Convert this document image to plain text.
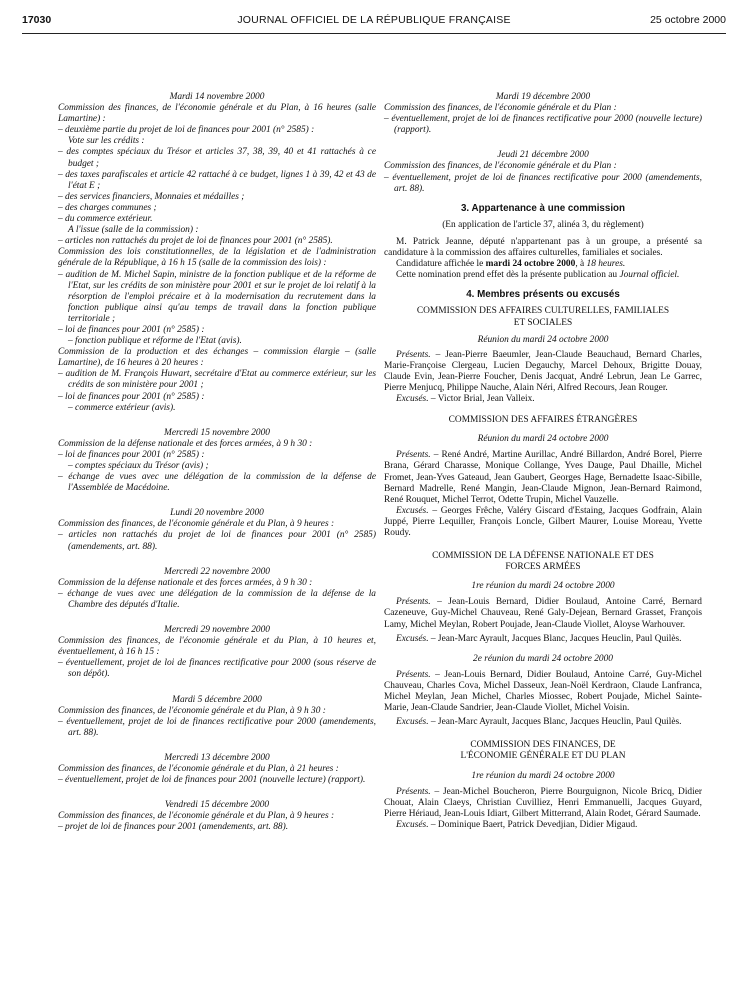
17030	JOURNAL OFFICIEL DE LA RÉPUBLIQUE FRANÇAISE	25 octobre 2000

Mardi 14 novembre 2000

Commission des finances, de l'économie générale et du Plan, à 16 heures (salle Lamartine) :

– deuxième partie du projet de loi de finances pour 2001 (n° 2585) :

Vote sur les crédits :

– des comptes spéciaux du Trésor et articles 37, 38, 39, 40 et 41 rattachés à ce budget ;

– des taxes parafiscales et article 42 rattaché à ce budget, lignes 1 à 39, 42 et 43 de l'état E ;

– des services financiers, Monnaies et médailles ;

– des charges communes ;

– du commerce extérieur.

A l'issue (salle de la commission) :

– articles non rattachés du projet de loi de finances pour 2001 (n° 2585).

Commission des lois constitutionnelles, de la législation et de l'administration générale de la République, à 16 h 15 (salle de la commission des lois) :

– audition de M. Michel Sapin, ministre de la fonction publique et de la réforme de l'Etat, sur les crédits de son ministère pour 2001 et sur le projet de loi relatif à la résorption de l'emploi précaire et à la modernisation du recrutement dans la fonction publique ainsi qu'au temps de travail dans la fonction publique territoriale ;

– loi de finances pour 2001 (n° 2585) :

– fonction publique et réforme de l'Etat (avis).

Commission de la production et des échanges – commission élargie – (salle Lamartine), de 16 heures à 20 heures :

– audition de M. François Huwart, secrétaire d'Etat au commerce extérieur, sur les crédits de son ministère pour 2001 ;

– loi de finances pour 2001 (n° 2585) :

– commerce extérieur (avis).

Mercredi 15 novembre 2000

Commission de la défense nationale et des forces armées, à 9 h 30 :

– loi de finances pour 2001 (n° 2585) :

– comptes spéciaux du Trésor (avis) ;

– échange de vues avec une délégation de la commission de la défense de l'Assemblée de Macédoine.

Lundi 20 novembre 2000

Commission des finances, de l'économie générale et du Plan, à 9 heures :

– articles non rattachés du projet de loi de finances pour 2001 (n° 2585) (amendements, art. 88).

Mercredi 22 novembre 2000

Commission de la défense nationale et des forces armées, à 9 h 30 :

– échange de vues avec une délégation de la commission de la défense de la Chambre des députés d'Italie.

Mercredi 29 novembre 2000

Commission des finances, de l'économie générale et du Plan, à 10 heures et, éventuellement, à 16 h 15 :

– éventuellement, projet de loi de finances rectificative pour 2000 (sous réserve de son dépôt).

Mardi 5 décembre 2000

Commission des finances, de l'économie générale et du Plan, à 9 h 30 :

– éventuellement, projet de loi de finances rectificative pour 2000 (amendements, art. 88).

Mercredi 13 décembre 2000

Commission des finances, de l'économie générale et du Plan, à 21 heures :

– éventuellement, projet de loi de finances pour 2001 (nouvelle lecture) (rapport).

Vendredi 15 décembre 2000

Commission des finances, de l'économie générale et du Plan, à 9 heures :

– projet de loi de finances pour 2001 (amendements, art. 88).

Mardi 19 décembre 2000

Commission des finances, de l'économie générale et du Plan :

– éventuellement, projet de loi de finances rectificative pour 2000 (nouvelle lecture) (rapport).

Jeudi 21 décembre 2000

Commission des finances, de l'économie générale et du Plan :

– éventuellement, projet de loi de finances rectificative pour 2000 (amendements, art. 88).

3. Appartenance à une commission

(En application de l'article 37, alinéa 3, du règlement)

M. Patrick Jeanne, député n'appartenant pas à un groupe, a présenté sa candidature à la commission des affaires culturelles, familiales et sociales.

Candidature affichée le mardi 24 octobre 2000, à 18 heures.

Cette nomination prend effet dès la présente publication au Journal officiel.

4. Membres présents ou excusés

COMMISSION DES AFFAIRES CULTURELLES, FAMILIALES ET SOCIALES

Réunion du mardi 24 octobre 2000

Présents. – Jean-Pierre Baeumler, Jean-Claude Beauchaud, Bernard Charles, Marie-Françoise Clergeau, Lucien Degauchy, Marcel Dehoux, Brigitte Douay, Claude Evin, Jean-Pierre Foucher, Denis Jacquat, André Lebrun, Jean Le Garrec, Pierre Menjucq, Philippe Nauche, Alain Néri, Alfred Recours, Jean Rouger.

Excusés. – Victor Brial, Jean Valleix.

COMMISSION DES AFFAIRES ÉTRANGÈRES

Réunion du mardi 24 octobre 2000

Présents. – René André, Martine Aurillac, André Billardon, André Borel, Pierre Brana, Gérard Charasse, Monique Collange, Yves Dauge, Paul Dhaille, Michel Fromet, Jean-Yves Gateaud, Jean Gaubert, Georges Hage, Bernadette Isaac-Sibille, Bernard Madrelle, René Mangin, Jean-Claude Mignon, Jean-Bernard Raimond, René Rouquet, Michel Terrot, Odette Trupin, Michel Vauzelle.

Excusés. – Georges Frêche, Valéry Giscard d'Estaing, Jacques Godfrain, Alain Juppé, Pierre Lequiller, François Loncle, Gilbert Maurer, Louise Moreau, Yvette Roudy.

COMMISSION DE LA DÉFENSE NATIONALE ET DES FORCES ARMÉES

1re réunion du mardi 24 octobre 2000

Présents. – Jean-Louis Bernard, Didier Boulaud, Antoine Carré, Bernard Cazeneuve, Guy-Michel Chauveau, René Galy-Dejean, Bernard Grasset, François Lamy, Michel Meylan, Robert Poujade, Jean-Claude Viollet, Aloyse Warhouver.

Excusés. – Jean-Marc Ayrault, Jacques Blanc, Jacques Heuclin, Paul Quilès.

2e réunion du mardi 24 octobre 2000

Présents. – Jean-Louis Bernard, Didier Boulaud, Antoine Carré, Guy-Michel Chauveau, Charles Cova, Michel Dasseux, Jean-Noël Kerdraon, Claude Lanfranca, Michel Meylan, Jean Michel, Charles Miossec, Robert Poujade, Michel Sainte-Marie, Jean-Claude Sandrier, Jean-Claude Viollet, Michel Voisin.

Excusés. – Jean-Marc Ayrault, Jacques Blanc, Jacques Heuclin, Paul Quilès.

COMMISSION DES FINANCES, DE L'ÉCONOMIE GÉNÉRALE ET DU PLAN

1re réunion du mardi 24 octobre 2000

Présents. – Jean-Michel Boucheron, Pierre Bourguignon, Nicole Bricq, Didier Chouat, Alain Claeys, Christian Cuvilliez, Henri Emmanuelli, Jacques Guyard, Pierre Hériaud, Jean-Louis Idiart, Gilbert Mitterrand, Alain Rodet, Gérard Saumade.

Excusés. – Dominique Baert, Patrick Devedjian, Didier Migaud.
